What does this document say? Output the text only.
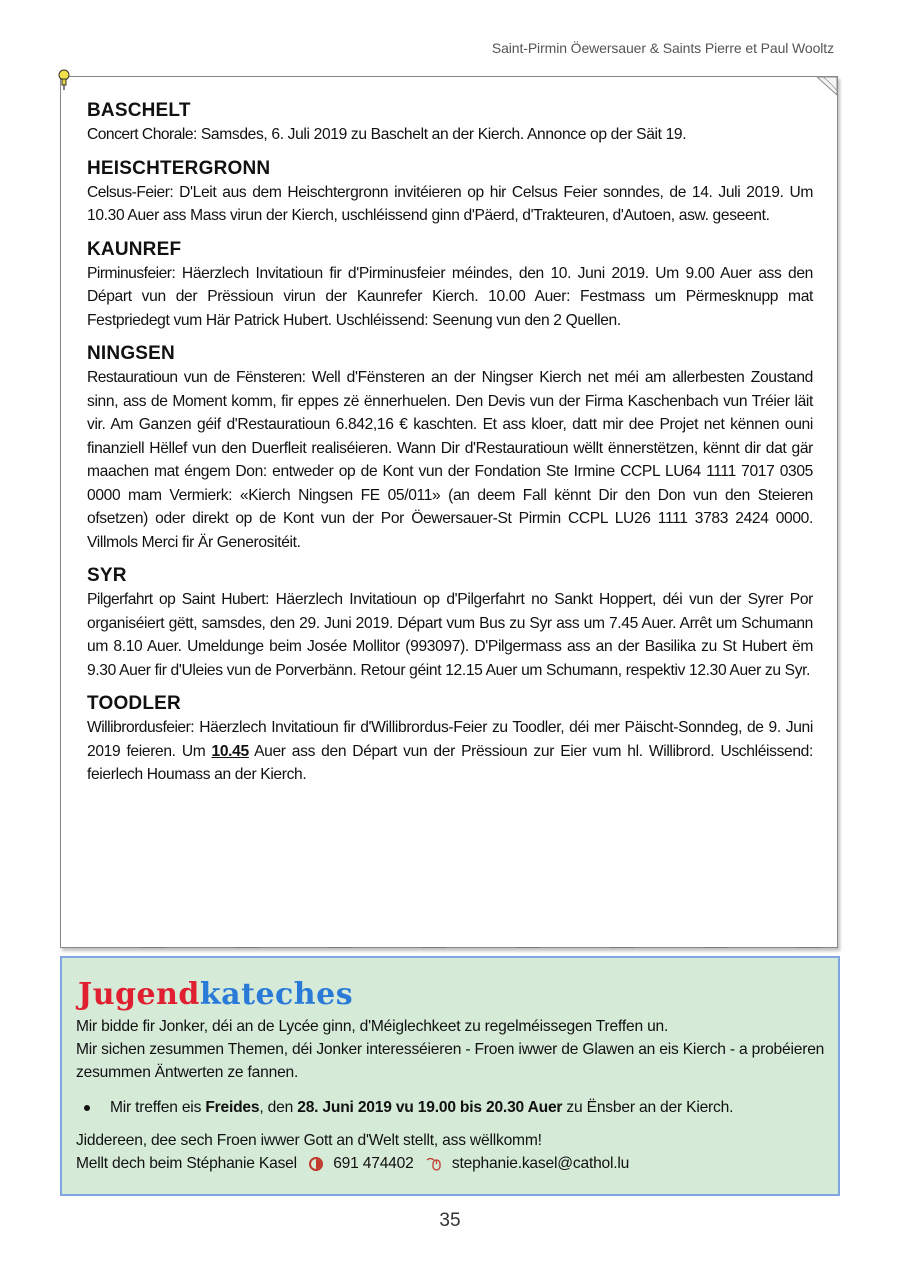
Saint-Pirmin Öewersauer & Saints Pierre et Paul Wooltz
BASCHELT

Concert Chorale: Samsdes, 6. Juli 2019 zu Baschelt an der Kierch. Annonce op der Säit 19.

HEISCHTERGRONN

Celsus-Feier: D'Leit aus dem Heischtergronn invitéieren op hir Celsus Feier sonndes, de 14. Juli 2019. Um 10.30 Auer ass Mass virun der Kierch, uschléissend ginn d'Päerd, d'Trakteuren, d'Autoen, asw. geseent.

KAUNREF

Pirminusfeier: Häerzlech Invitatioun fir d'Pirminusfeier méindes, den 10. Juni 2019. Um 9.00 Auer ass den Départ vun der Prëssioun virun der Kaunrefer Kierch. 10.00 Auer: Festmass um Përmesknupp mat Festpriedegt vum Här Patrick Hubert. Uschléissend: Seenung vun den 2 Quellen.

NINGSEN

Restauratioun vun de Fënsteren: Well d'Fënsteren an der Ningser Kierch net méi am allerbesten Zoustand sinn, ass de Moment komm, fir eppes zë ënnerhuelen. Den Devis vun der Firma Kaschenbach vun Tréier läit vir. Am Ganzen géif d'Restauratioun 6.842,16 € kaschten. Et ass kloer, datt mir dee Projet net kënnen ouni finanziell Hëllef vun den Duerfleit realiséieren. Wann Dir d'Restauratioun wëllt ënnerstëtzen, kënnt dir dat gär maachen mat éngem Don: entweder op de Kont vun der Fondation Ste Irmine CCPL LU64 1111 7017 0305 0000 mam Vermierk: «Kierch Ningsen FE 05/011» (an deem Fall kënnt Dir den Don vun den Steieren ofsetzen) oder direkt op de Kont vun der Por Öewersauer-St Pirmin CCPL LU26 1111 3783 2424 0000. Villmols Merci fir Är Generositéit.

SYR

Pilgerfahrt op Saint Hubert: Häerzlech Invitatioun op d'Pilgerfahrt no Sankt Hoppert, déi vun der Syrer Por organiséiert gëtt, samsdes, den 29. Juni 2019. Départ vum Bus zu Syr ass um 7.45 Auer. Arrêt um Schumann um 8.10 Auer. Umeldunge beim Josée Mollitor (993097). D'Pilgermass ass an der Basilika zu St Hubert ëm 9.30 Auer fir d'Uleies vun de Porverbänn. Retour géint 12.15 Auer um Schumann, respektiv 12.30 Auer zu Syr.

TOODLER

Willibrordusfeier: Häerzlech Invitatioun fir d'Willibrordus-Feier zu Toodler, déi mer Päischt-Sonndeg, de 9. Juni 2019 feieren. Um 10.45 Auer ass den Départ vun der Prëssioun zur Eier vum hl. Willibrord. Uschléissend: feierlech Houmass an der Kierch.

Jugendkateches

Mir bidde fir Jonker, déi an de Lycée ginn, d'Méiglechkeet zu regelméissegen Treffen un.

Mir sichen zesummen Themen, déi Jonker interesséieren - Froen iwwer de Glawen an eis Kierch - a probéieren zesummen Äntwerten ze fannen.

Mir treffen eis Freides, den 28. Juni 2019 vu 19.00 bis 20.30 Auer zu Ënsber an der Kierch.

Jiddereen, dee sech Froen iwwer Gott an d'Welt stellt, ass wëllkomm!

Mellt dech beim Stéphanie Kasel 691 474402 stephanie.kasel@cathol.lu

35
